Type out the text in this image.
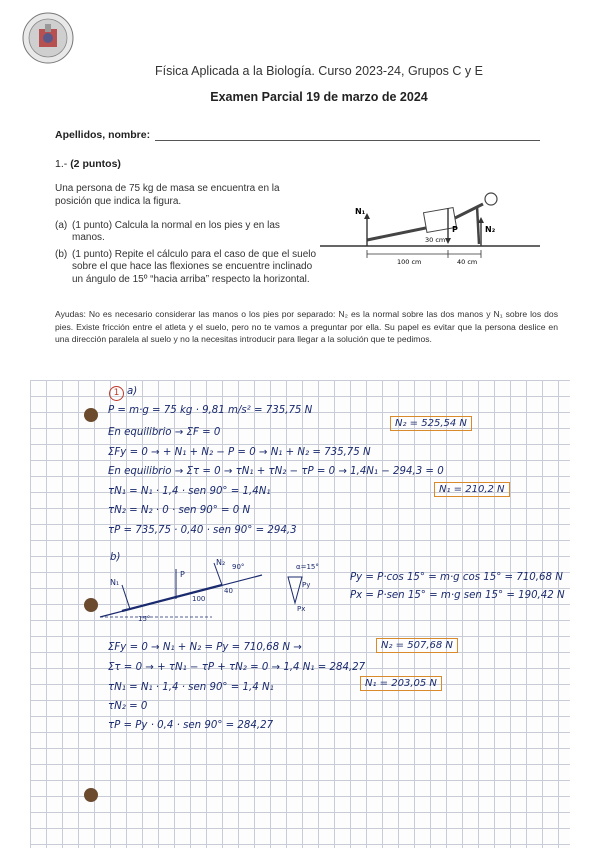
Física Aplicada a la Biología. Curso 2023-24, Grupos C y E
Examen Parcial 19 de marzo de 2024
Apellidos, nombre:
1.- (2 puntos)
Una persona de 75 kg de masa se encuentra en la posición que indica la figura.
(a) (1 punto) Calcula la normal en los pies y en las manos.
(b) (1 punto) Repite el cálculo para el caso de que el suelo sobre el que hace las flexiones se encuentre inclinado un ángulo de 15º “hacia arriba” respecto la horizontal.
N₁
N₂
P
30 cm
100 cm	40 cm
Ayudas: No es necesario considerar las manos o los pies por separado: N₂ es la normal sobre las dos manos y N₁ sobre los dos pies. Existe fricción entre el atleta y el suelo, pero no te vamos a preguntar por ella. Su papel es evitar que la persona deslice en una dirección paralela al suelo y no la necesitas introducir para llegar a la solución que te pedimos.
1 a)
P = m·g = 75 kg · 9,81 m/s² = 735,75 N
En equilibrio → ΣF = 0
ΣFy = 0 → + N₁ + N₂ − P = 0 → N₁ + N₂ = 735,75 N
En equilibrio → Στ = 0 → τN₁ + τN₂ − τP = 0 → 1,4N₁ − 294,3 = 0
τN₁ = N₁ · 1,4 · sen 90° = 1,4N₁
τN₂ = N₂ · 0 · sen 90° = 0 N
τP = 735,75 · 0,40 · sen 90° = 294,3
N₂ = 525,54 N
N₁ = 210,2 N
b)
P
N₂
N₁
90°
100
40
15°
α=15°
Py
Px
Py = P·cos 15° = m·g cos 15° = 710,68 N
Px = P·sen 15° = m·g sen 15° = 190,42 N
ΣFy = 0 → N₁ + N₂ = Py = 710,68 N →
Στ = 0 → + τN₁ − τP + τN₂ = 0 → 1,4 N₁ = 284,27
τN₁ = N₁ · 1,4 · sen 90° = 1,4 N₁
τN₂ = 0
τP = Py · 0,4 · sen 90° = 284,27
N₂ = 507,68 N
N₁ = 203,05 N
